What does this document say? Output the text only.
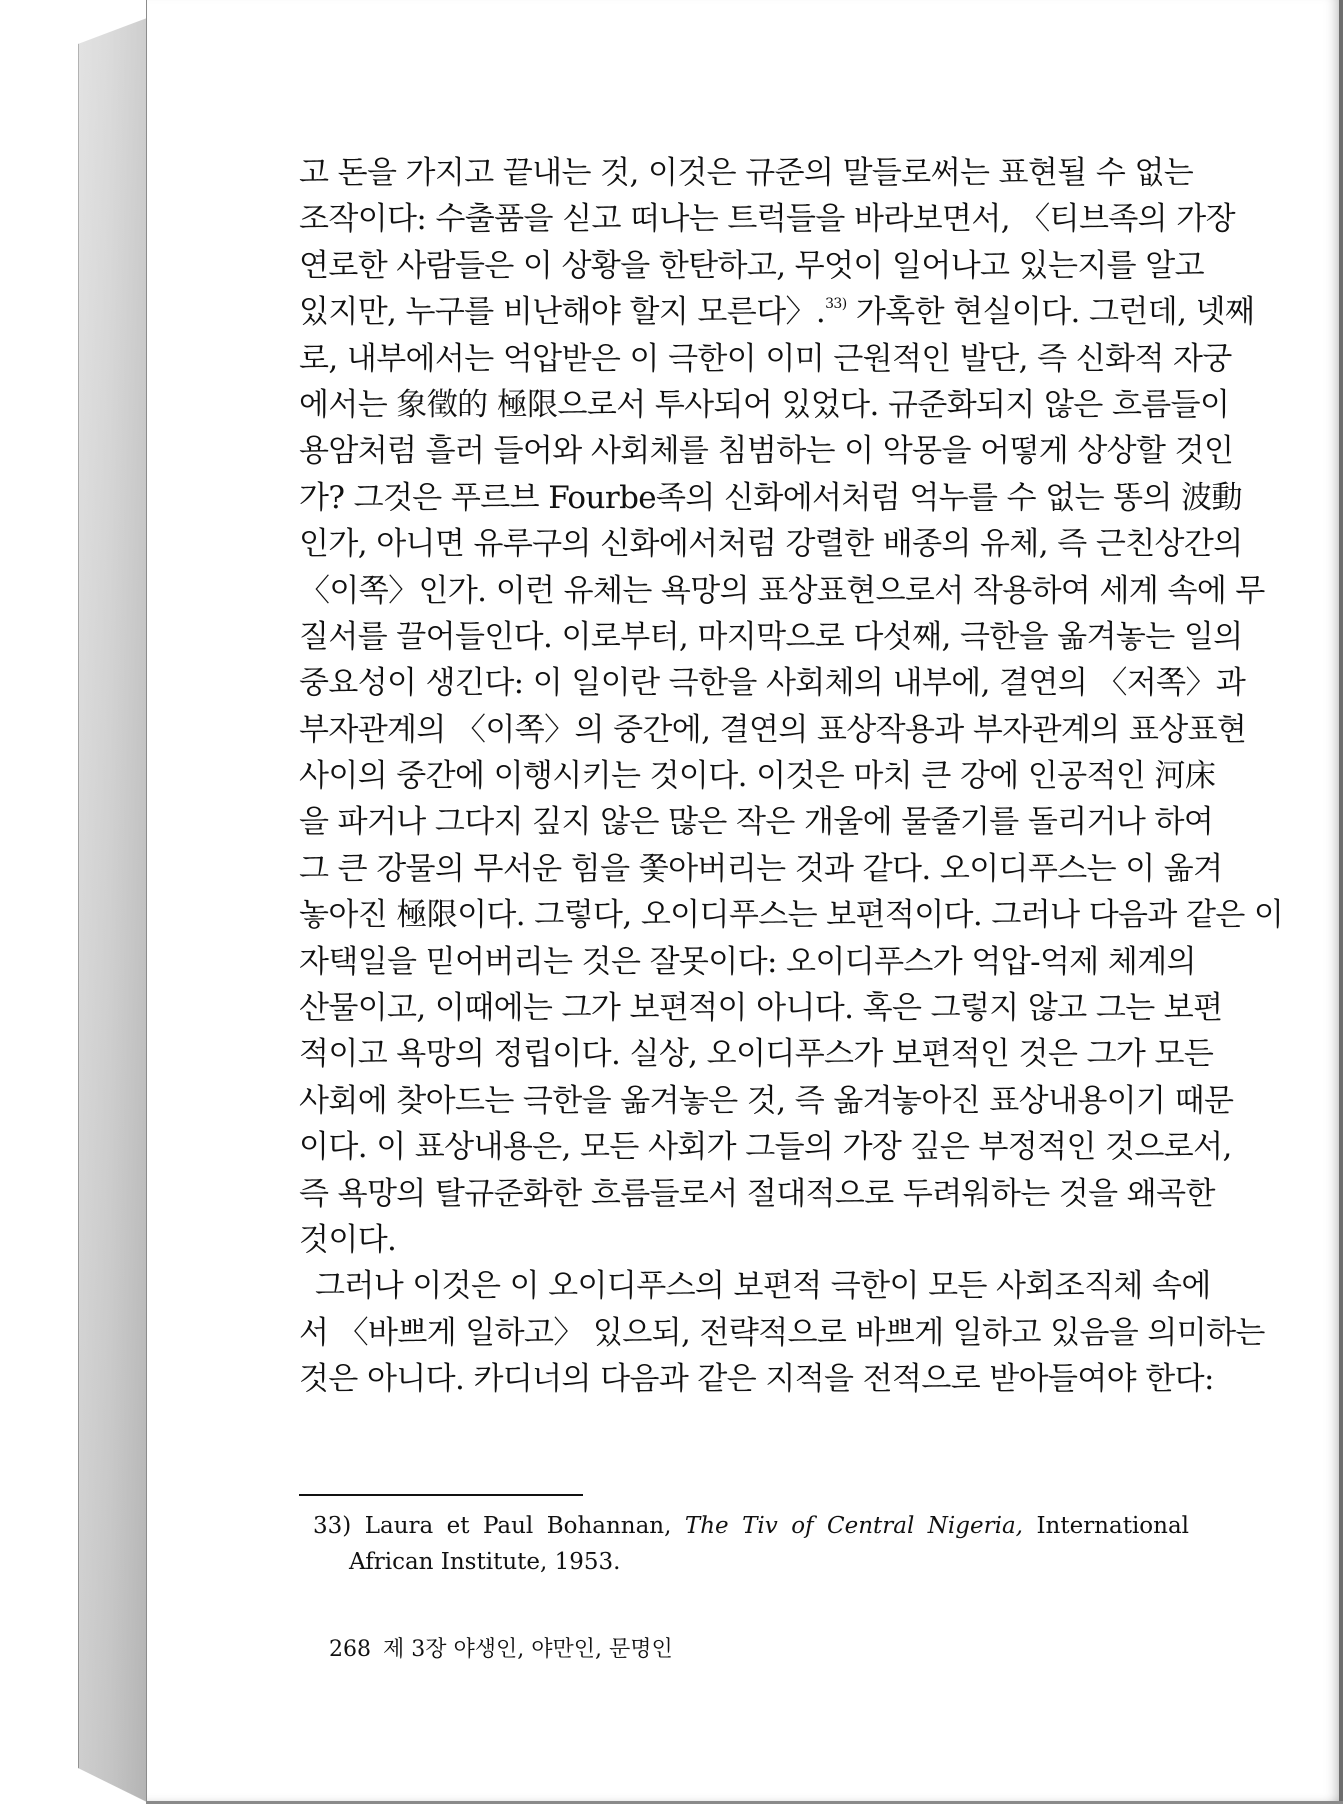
고 돈을 가지고 끝내는 것, 이것은 규준의 말들로써는 표현될 수 없는
조작이다: 수출품을 싣고 떠나는 트럭들을 바라보면서, 〈티브족의 가장
연로한 사람들은 이 상황을 한탄하고, 무엇이 일어나고 있는지를 알고
있지만, 누구를 비난해야 할지 모른다〉.$^{33)}$ 가혹한 현실이다. 그런데, 넷째
로, 내부에서는 억압받은 이 극한이 이미 근원적인 발단, 즉 신화적 자궁
에서는 象徵的 極限으로서 투사되어 있었다. 규준화되지 않은 흐름들이
용암처럼 흘러 들어와 사회체를 침범하는 이 악몽을 어떻게 상상할 것인
가? 그것은 푸르브 Fourbe족의 신화에서처럼 억누를 수 없는 똥의 波動
인가, 아니면 유루구의 신화에서처럼 강렬한 배종의 유체, 즉 근친상간의
〈이쪽〉인가. 이런 유체는 욕망의 표상표현으로서 작용하여 세계 속에 무
질서를 끌어들인다. 이로부터, 마지막으로 다섯째, 극한을 옮겨놓는 일의
중요성이 생긴다: 이 일이란 극한을 사회체의 내부에, 결연의 〈저쪽〉과
부자관계의 〈이쪽〉의 중간에, 결연의 표상작용과 부자관계의 표상표현
사이의 중간에 이행시키는 것이다. 이것은 마치 큰 강에 인공적인 河床
을 파거나 그다지 깊지 않은 많은 작은 개울에 물줄기를 돌리거나 하여
그 큰 강물의 무서운 힘을 쫓아버리는 것과 같다. 오이디푸스는 이 옮겨
놓아진 極限이다. 그렇다, 오이디푸스는 보편적이다. 그러나 다음과 같은 이
자택일을 믿어버리는 것은 잘못이다: 오이디푸스가 억압-억제 체계의
산물이고, 이때에는 그가 보편적이 아니다. 혹은 그렇지 않고 그는 보편
적이고 욕망의 정립이다. 실상, 오이디푸스가 보편적인 것은 그가 모든
사회에 찾아드는 극한을 옮겨놓은 것, 즉 옮겨놓아진 표상내용이기 때문
이다. 이 표상내용은, 모든 사회가 그들의 가장 깊은 부정적인 것으로서,
즉 욕망의 탈규준화한 흐름들로서 절대적으로 두려워하는 것을 왜곡한
것이다.
그러나 이것은 이 오이디푸스의 보편적 극한이 모든 사회조직체 속에
서 〈바쁘게 일하고〉 있으되, 전략적으로 바쁘게 일하고 있음을 의미하는
것은 아니다. 카디너의 다음과 같은 지적을 전적으로 받아들여야 한다:
33) Laura et Paul Bohannan, The Tiv of Central Nigeria, International
African Institute, 1953.
268 제 3장 야생인, 야만인, 문명인
